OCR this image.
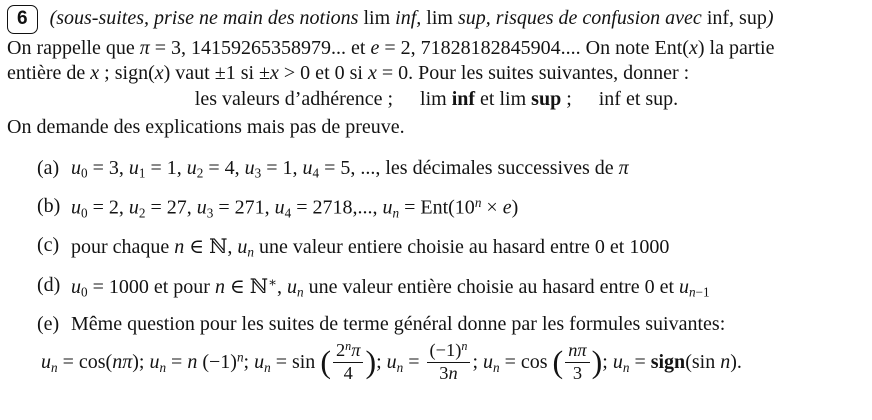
6	(sous-suites, prise ne main des notions lim inf, lim sup, risques de confusion avec inf, sup)
On rappelle que π = 3, 14159265358979... et e = 2, 71828182845904.... On note Ent(x) la partie
entière de x ; sign(x) vaut ±1 si ±x > 0 et 0 si x = 0. Pour les suites suivantes, donner :
les valeurs d’adhérence ; lim inf et lim sup ; inf et sup.
On demande des explications mais pas de preuve.
(a) u0 = 3, u1 = 1, u2 = 4, u3 = 1, u4 = 5, ..., les décimales successives de π
(b) u0 = 2, u2 = 27, u3 = 271, u4 = 2718,..., un = $Ent(10^n \times e)$
(c) pour chaque n ∈ ℕ, un une valeur entiere choisie au hasard entre 0 et 1000
(d) u0 = 1000 et pour n ∈ ℕ∗, un une valeur entière choisie au hasard entre 0 et un−1
(e) Même question pour les suites de terme général donne par les formules suivantes:
un = cos(nπ); un = n $(-1)^n$; un = sin ( $\frac{2^n\pi}{4}$ ); un = $\frac{(-1)^n}{3n}$ ; un = cos ( $\frac{n\pi}{3}$ ); un = sign(sin n).
